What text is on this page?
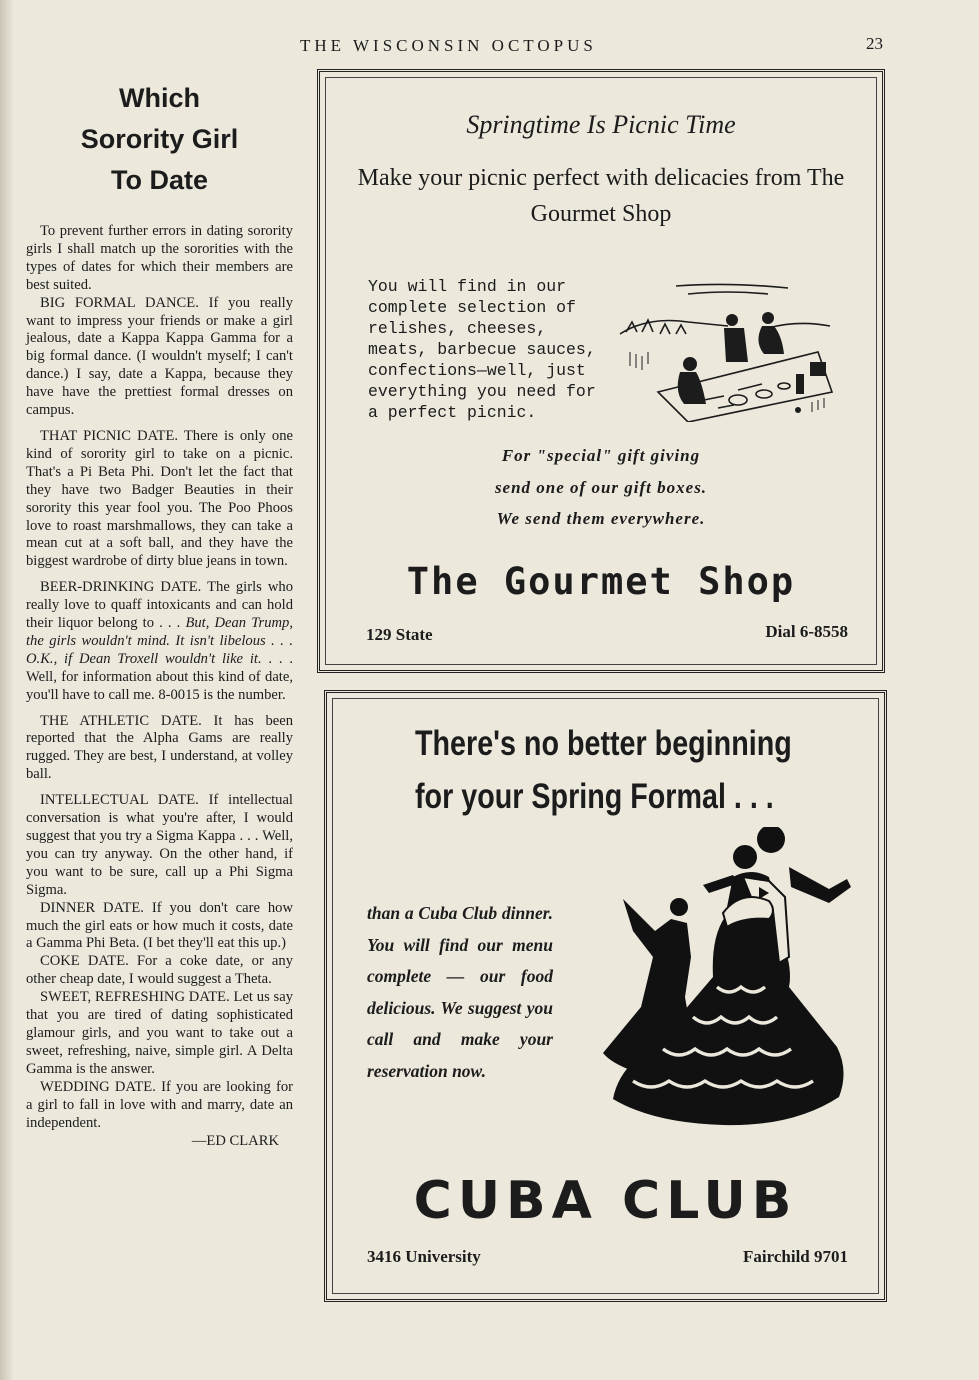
THE WISCONSIN OCTOPUS	23
Which
Sorority Girl
To Date

To prevent further errors in dating sorority girls I shall match up the sororities with the types of dates for which their members are best suited.

BIG FORMAL DANCE. If you really want to impress your friends or make a girl jealous, date a Kappa Kappa Gamma for a big formal dance. (I wouldn't myself; I can't dance.) I say, date a Kappa, because they have have the prettiest formal dresses on campus.

THAT PICNIC DATE. There is only one kind of sorority girl to take on a picnic. That's a Pi Beta Phi. Don't let the fact that they have two Badger Beauties in their sorority this year fool you. The Poo Phoos love to roast marshmallows, they can take a mean cut at a soft ball, and they have the biggest wardrobe of dirty blue jeans in town.

BEER-DRINKING DATE. The girls who really love to quaff intoxicants and can hold their liquor belong to . . . But, Dean Trump, the girls wouldn't mind. It isn't libelous . . . O.K., if Dean Troxell wouldn't like it. . . . Well, for information about this kind of date, you'll have to call me. 8-0015 is the number.

THE ATHLETIC DATE. It has been reported that the Alpha Gams are really rugged. They are best, I understand, at volley ball.

INTELLECTUAL DATE. If intellectual conversation is what you're after, I would suggest that you try a Sigma Kappa . . . Well, you can try anyway. On the other hand, if you want to be sure, call up a Phi Sigma Sigma.

DINNER DATE. If you don't care how much the girl eats or how much it costs, date a Gamma Phi Beta. (I bet they'll eat this up.)

COKE DATE. For a coke date, or any other cheap date, I would suggest a Theta.

SWEET, REFRESHING DATE. Let us say that you are tired of dating sophisticated glamour girls, and you want to take out a sweet, refreshing, naive, simple girl. A Delta Gamma is the answer.

WEDDING DATE. If you are looking for a girl to fall in love with and marry, date an independent.

—ED CLARK
Springtime Is Picnic Time
Make your picnic perfect with delicacies from The Gourmet Shop
You will find in our complete selection of relishes, cheeses, meats, barbecue sauces, confections—well, just everything you need for a perfect picnic.
For "special" gift giving
send one of our gift boxes.
We send them everywhere.
The Gourmet Shop
129 State	Dial 6-8558
There's no better beginning
for your Spring Formal . . .
than a Cuba Club dinner. You will find our menu complete — our food delicious. We suggest you call and make your reservation now.
CUBA CLUB
3416 University	Fairchild 9701
